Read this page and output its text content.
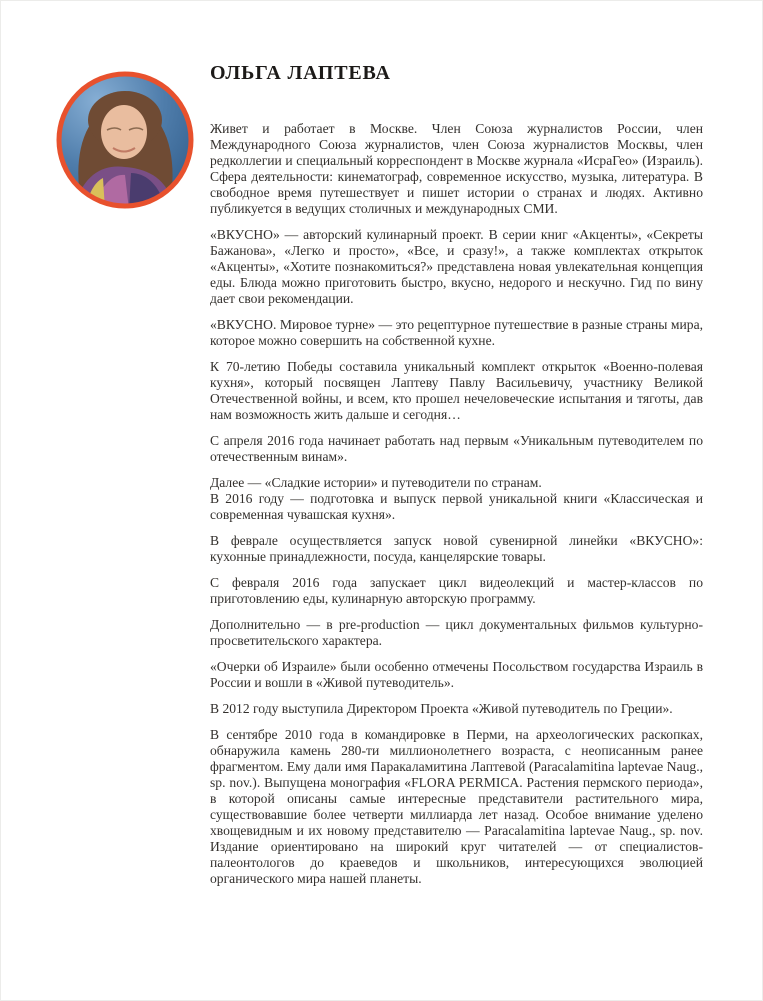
ОЛЬГА ЛАПТЕВА

Живет и работает в Москве. Член Союза журналистов России, член Международного Союза журналистов, член Союза журналистов Москвы, член редколлегии и специальный корреспондент в Москве журнала «ИсраГео» (Израиль). Сфера деятельности: кинематограф, современное искусство, музыка, литература. В свободное время путешествует и пишет истории о странах и людях. Активно публикуется в ведущих столичных и международных СМИ.

«ВКУСНО» — авторский кулинарный проект. В серии книг «Акценты», «Секреты Бажанова», «Легко и просто», «Все, и сразу!», а также комплектах открыток «Акценты», «Хотите познакомиться?» представлена новая увлекательная концепция еды. Блюда можно приготовить быстро, вкусно, недорого и нескучно. Гид по вину дает свои рекомендации.

«ВКУСНО. Мировое турне» — это рецептурное путешествие в разные страны мира, которое можно совершить на собственной кухне.

К 70-летию Победы составила уникальный комплект открыток «Военно-полевая кухня», который посвящен Лаптеву Павлу Васильевичу, участнику Великой Отечественной войны, и всем, кто прошел нечеловеческие испытания и тяготы, дав нам возможность жить дальше и сегодня…

С апреля 2016 года начинает работать над первым «Уникальным путеводителем по отечественным винам».

Далее — «Сладкие истории» и путеводители по странам.

В 2016 году — подготовка и выпуск первой уникальной книги «Классическая и современная чувашская кухня».

В феврале осуществляется запуск новой сувенирной линейки «ВКУСНО»: кухонные принадлежности, посуда, канцелярские товары.

С февраля 2016 года запускает цикл видеолекций и мастер-классов по приготовлению еды, кулинарную авторскую программу.

Дополнительно — в pre-production — цикл документальных фильмов культурно-просветительского характера.

«Очерки об Израиле» были особенно отмечены Посольством государства Израиль в России и вошли в «Живой путеводитель».

В 2012 году выступила Директором Проекта «Живой путеводитель по Греции».

В сентябре 2010 года в командировке в Перми, на археологических раскопках, обнаружила камень 280-ти миллионолетнего возраста, с неописанным ранее фрагментом. Ему дали имя Паракаламитина Лаптевой (Paracalamitina laptevae Naug., sp. nov.). Выпущена монография «FLORA PERMICA. Растения пермского периода», в которой описаны самые интересные представители растительного мира, существовавшие более четверти миллиарда лет назад. Особое внимание уделено хвощевидным и их новому представителю — Paracalamitina laptevae Naug., sp. nov. Издание ориентировано на широкий круг читателей — от специалистов-палеонтологов до краеведов и школьников, интересующихся эволюцией органического мира нашей планеты.
